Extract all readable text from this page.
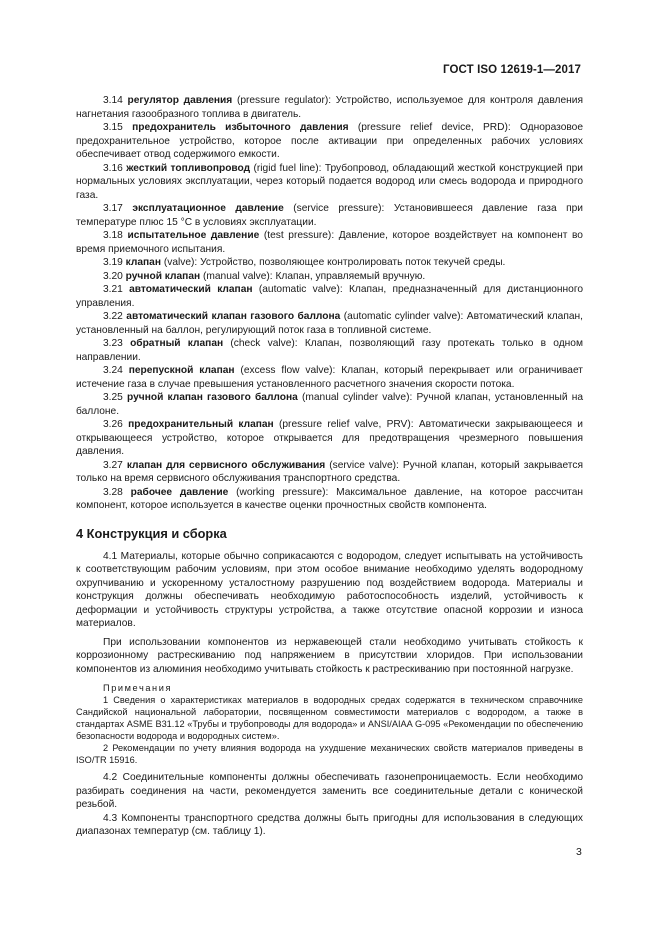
ГОСТ ISO 12619-1—2017

3.14 регулятор давления (pressure regulator): Устройство, используемое для контроля давления нагнетания газообразного топлива в двигатель.

3.15 предохранитель избыточного давления (pressure relief device, PRD): Одноразовое предохранительное устройство, которое после активации при определенных рабочих условиях обеспечивает отвод содержимого емкости.

3.16 жесткий топливопровод (rigid fuel line): Трубопровод, обладающий жесткой конструкцией при нормальных условиях эксплуатации, через который подается водород или смесь водорода и природного газа.

3.17 эксплуатационное давление (service pressure): Установившееся давление газа при температуре плюс 15 °С в условиях эксплуатации.

3.18 испытательное давление (test pressure): Давление, которое воздействует на компонент во время приемочного испытания.

3.19 клапан (valve): Устройство, позволяющее контролировать поток текучей среды.

3.20 ручной клапан (manual valve): Клапан, управляемый вручную.

3.21 автоматический клапан (automatic valve): Клапан, предназначенный для дистанционного управления.

3.22 автоматический клапан газового баллона (automatic cylinder valve): Автоматический клапан, установленный на баллон, регулирующий поток газа в топливной системе.

3.23 обратный клапан (check valve): Клапан, позволяющий газу протекать только в одном направлении.

3.24 перепускной клапан (excess flow valve): Клапан, который перекрывает или ограничивает истечение газа в случае превышения установленного расчетного значения скорости потока.

3.25 ручной клапан газового баллона (manual cylinder valve): Ручной клапан, установленный на баллоне.

3.26 предохранительный клапан (pressure relief valve, PRV): Автоматически закрывающееся и открывающееся устройство, которое открывается для предотвращения чрезмерного повышения давления.

3.27 клапан для сервисного обслуживания (service valve): Ручной клапан, который закрывается только на время сервисного обслуживания транспортного средства.

3.28 рабочее давление (working pressure): Максимальное давление, на которое рассчитан компонент, которое используется в качестве оценки прочностных свойств компонента.

4 Конструкция и сборка

4.1 Материалы, которые обычно соприкасаются с водородом, следует испытывать на устойчивость к соответствующим рабочим условиям, при этом особое внимание необходимо уделять водородному охрупчиванию и ускоренному усталостному разрушению под воздействием водорода. Материалы и конструкция должны обеспечивать необходимую работоспособность изделий, устойчивость к деформации и устойчивость структуры устройства, а также отсутствие опасной коррозии и износа материалов.

При использовании компонентов из нержавеющей стали необходимо учитывать стойкость к коррозионному растрескиванию под напряжением в присутствии хлоридов. При использовании компонентов из алюминия необходимо учитывать стойкость к растрескиванию при постоянной нагрузке.

Примечания

1 Сведения о характеристиках материалов в водородных средах содержатся в техническом справочнике Сандийской национальной лаборатории, посвященном совместимости материалов с водородом, а также в стандартах ASME B31.12 «Трубы и трубопроводы для водорода» и ANSI/AIAA G-095 «Рекомендации по обеспечению безопасности водорода и водородных систем».

2 Рекомендации по учету влияния водорода на ухудшение механических свойств материалов приведены в ISO/TR 15916.

4.2 Соединительные компоненты должны обеспечивать газонепроницаемость. Если необходимо разбирать соединения на части, рекомендуется заменить все соединительные детали с конической резьбой.

4.3 Компоненты транспортного средства должны быть пригодны для использования в следующих диапазонах температур (см. таблицу 1).

3
